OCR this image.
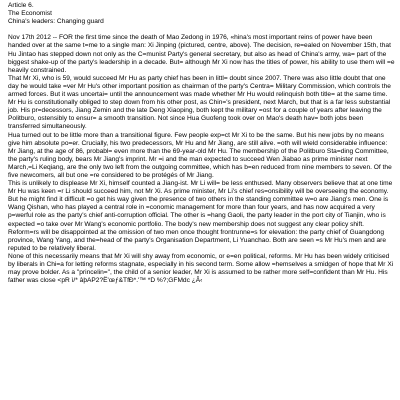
Article 6.
The Economist
China's leaders: Changing guard

Nov 17th 2012 -- FOR the first time since the death of Mao Zedong in 1976, «hina's most important reins of power have been handed over at the same t=me to a single man: Xi Jinping (pictured, centre, above). The decision, re=ealed on November 15th, that Hu Jintao has stepped down not only as the C=munist Party's general secretary, but also as head of China's army, wa= part of the biggest shake-up of the party's leadership in a decade. But= although Mr Xi now has the titles of power, his ability to use them will =e heavily constrained.

That Mr Xi, who is 59, would succeed Mr Hu as party chief has been in littl= doubt since 2007. There was also little doubt that one day he would take =ver Mr Hu's other important position as chairman of the party's Centra= Military Commission, which controls the armed forces. But it was uncertai= until the announcement was made whether Mr Hu would relinquish both title= at the same time.

Mr Hu is constitutionally obliged to step down from his other post, as Chin='s president, next March, but that is a far less substantial job. His pr=decessors, Jiang Zemin and the late Deng Xiaoping, both kept the military =ost for a couple of years after leaving the Politburo, ostensibly to ensur= a smooth transition. Not since Hua Guofeng took over on Mao's death hav= both jobs been transferred simultaneously.

Hua turned out to be little more than a transitional figure. Few people exp=ct Mr Xi to be the same. But his new jobs by no means give him absolute po=er. Crucially, his two predecessors, Mr Hu and Mr Jiang, are still alive. =oth will wield considerable influence: Mr Jiang, at the age of 86, probabl= even more than the 69-year-old Mr Hu. The membership of the Politburo Sta=ding Committee, the party's ruling body, bears Mr Jiang's imprint. Mr =i and the man expected to succeed Wen Jiabao as prime minister next March,=Li Keqiang, are the only two left from the outgoing committee, which has b=en reduced from nine members to seven. Of the five newcomers, all but one =re considered to be protégés of Mr Jiang.

This is unlikely to displease Mr Xi, himself counted a Jiang-ist. Mr Li will= be less enthused. Many observers believe that at one time Mr Hu was keen =r Li should succeed him, not Mr Xi. As prime minister, Mr Li's chief res=onsibility will be overseeing the economy. But he might find it difficult =o get his way given the presence of two others in the standing committee w=o are Jiang's men. One is Wang Qishan, who has played a central role in =conomic management for more than four years, and has now acquired a very p=werful role as the party's chief anti-corruption official. The other is =hang Gaoli, the party leader in the port city of Tianjin, who is expected =o take over Mr Wang's economic portfolio. The body's new membership does not suggest any clear policy shift. Reform=rs will be disappointed at the omission of two men once thought frontrunne=s for elevation: the party chief of Guangdong province, Wang Yang, and the=head of the party's Organisation Department, Li Yuanchao. Both are seen =s Mr Hu's men and are reputed to be relatively liberal.

None of this necessarily means that Mr Xi will shy away from economic, or e=en political, reforms. Mr Hu has been widely criticised by liberals in Chi=a for letting reforms stagnate, especially in his second term. Some allow =hemselves a smidgen of hope that Mr Xi may prove bolder. As a "princelin=", the child of a senior leader, Mr Xi is assumed to be rather more self=confident than Mr Hu. His father was close <pR ì/* âþAP2?Ё'œƒ&TfÐ*.'™ *D %?;GFMdc ¿Â‹
